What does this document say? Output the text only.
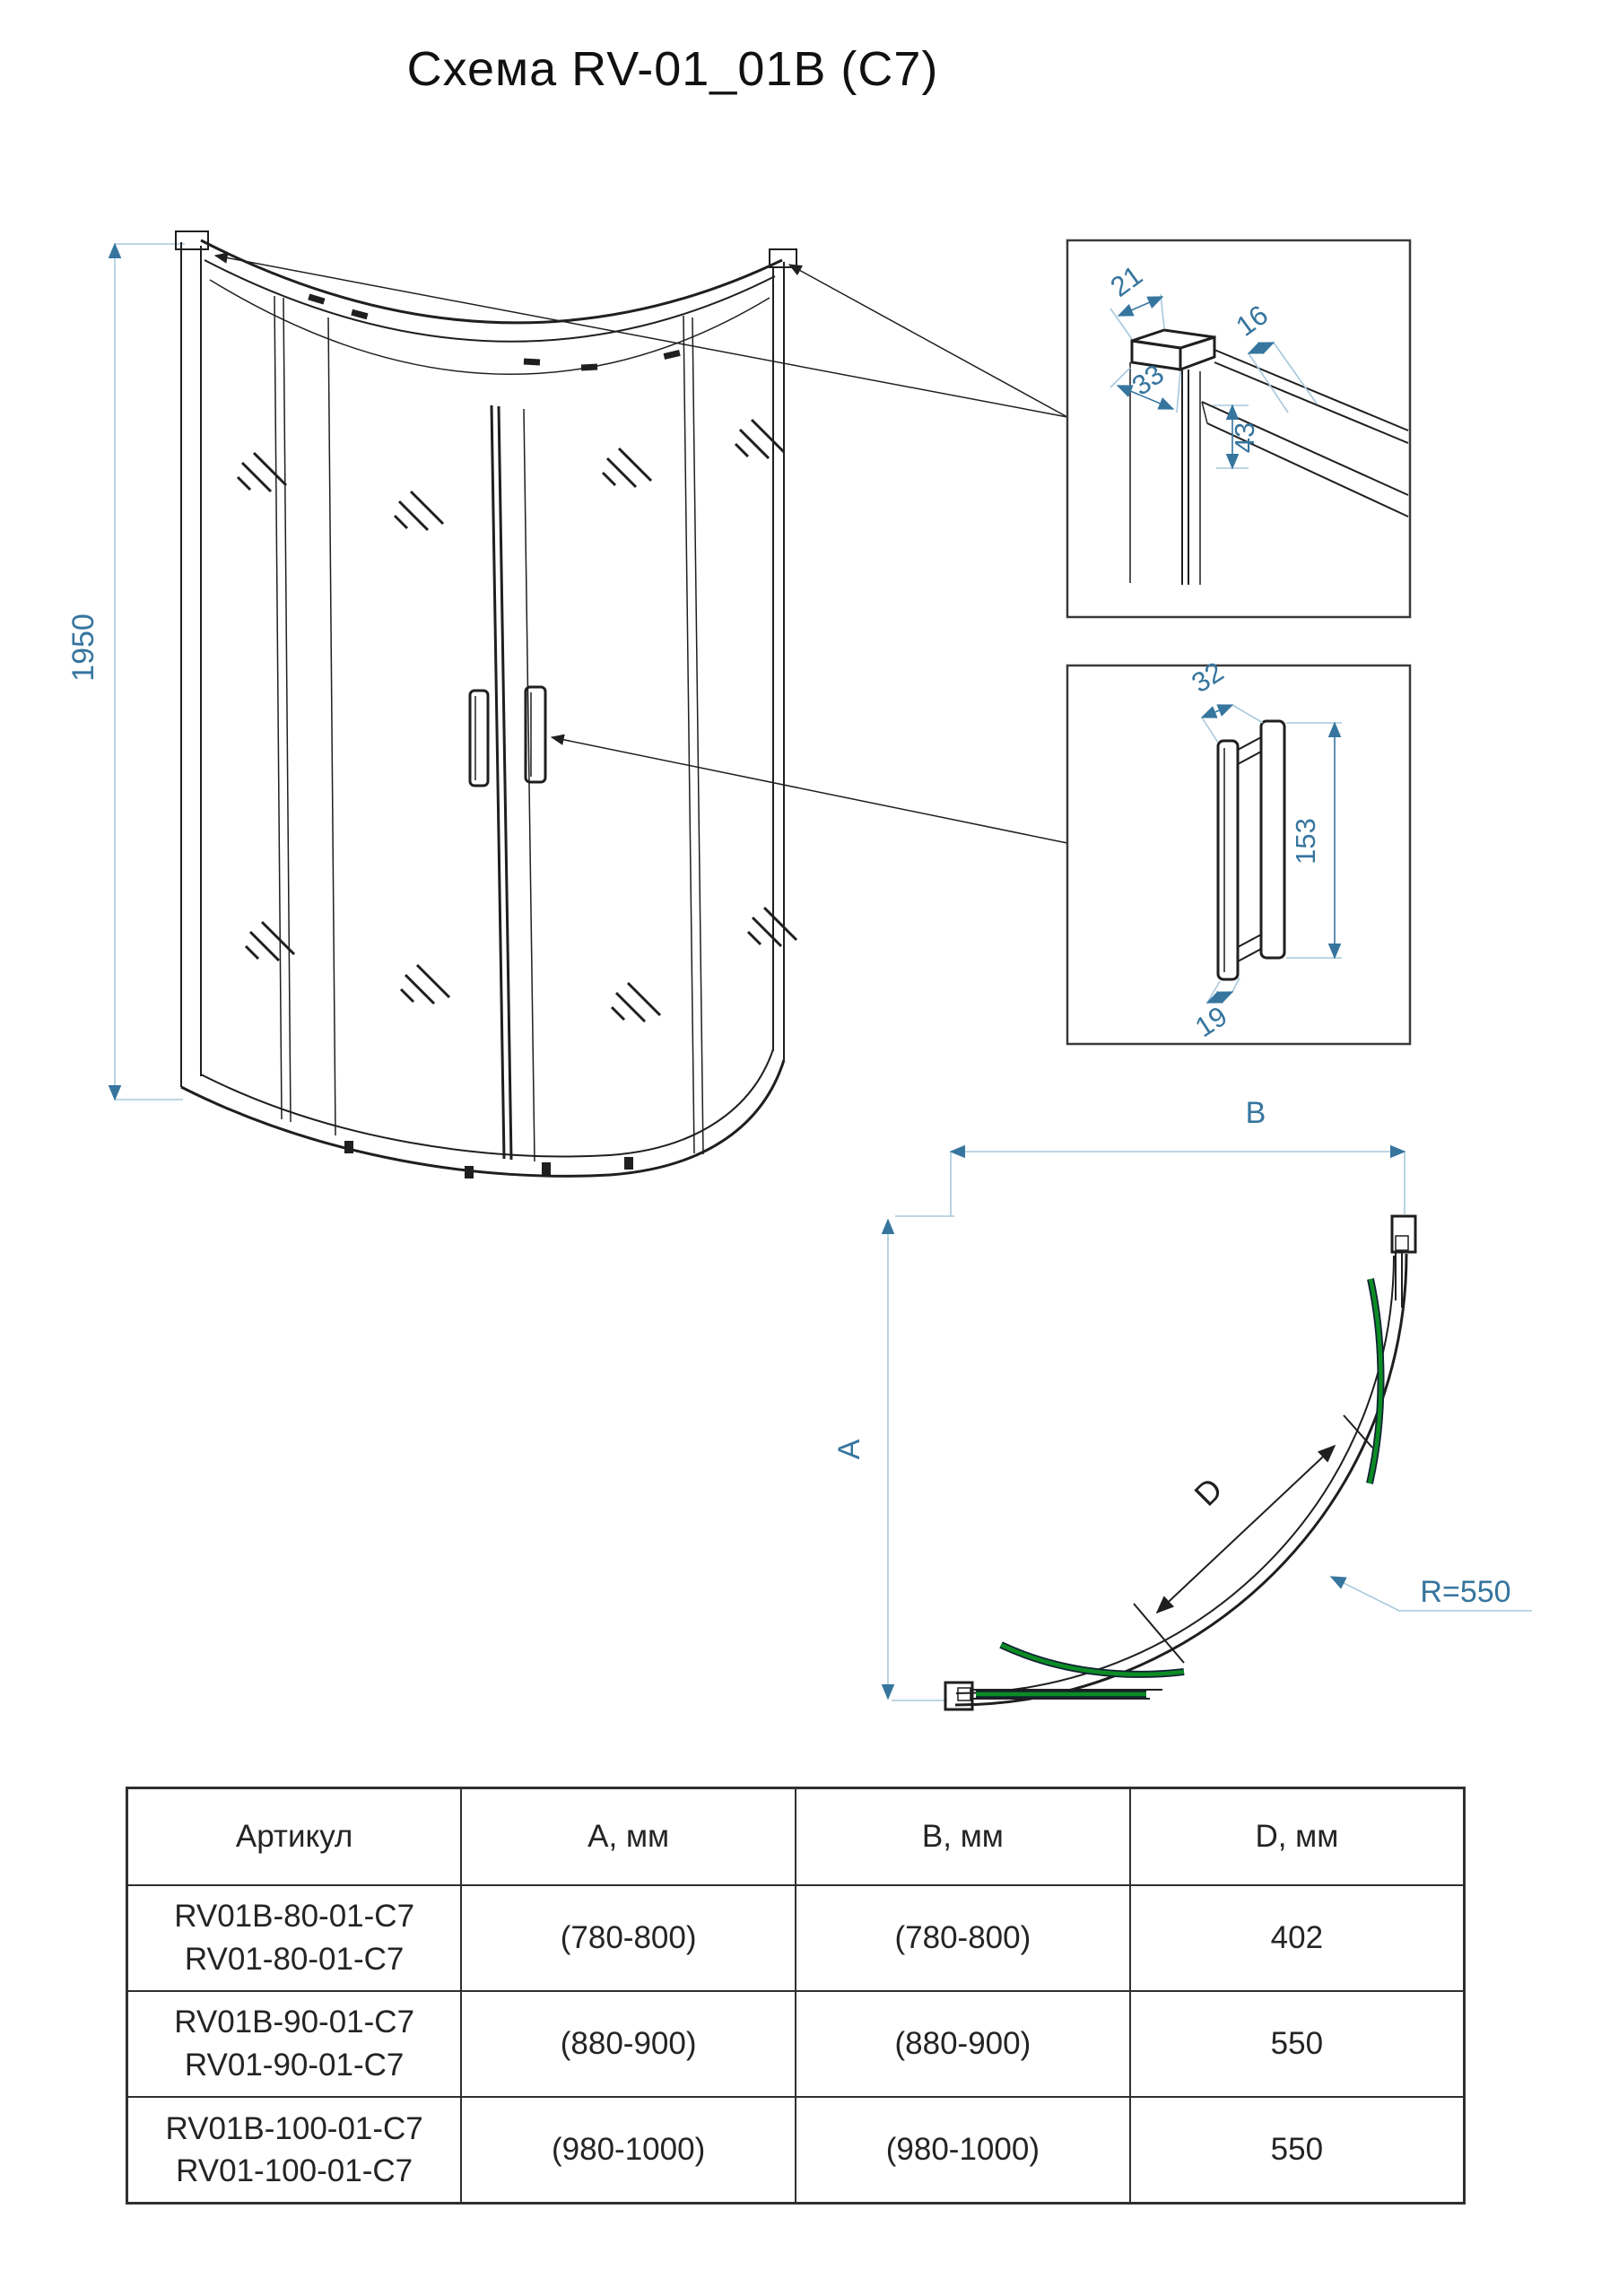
Схема RV-01_01B (C7)
1950
21
33
16
43
32
153
19
B
A
D
R=550
Артикул	A, мм	B, мм	D, мм

RV01B-80-01-C7
RV01-80-01-C7	(780-800)	(780-800)	402

RV01B-90-01-C7
RV01-90-01-C7	(880-900)	(880-900)	550

RV01B-100-01-C7
RV01-100-01-C7	(980-1000)	(980-1000)	550
